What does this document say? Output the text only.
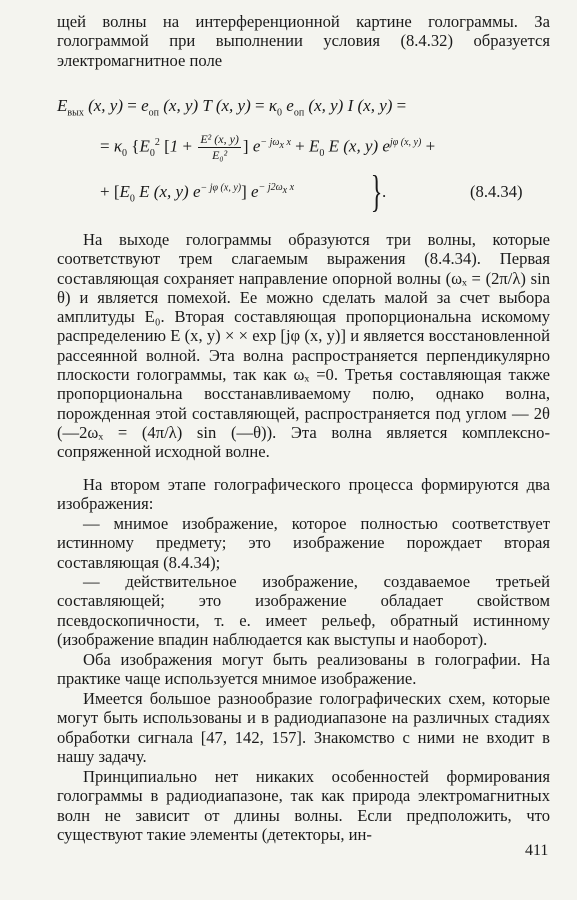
щей волны на интерференционной картине голограммы. За голограммой при выполнении условия (8.4.32) образуется электромагнитное поле

$E_{вых}$ (x, $y) = e_{оп}$ (x, y) T (x, $y) = \kappa_0$ $e_{оп}$ (x, y) I (x, y) =
= $\kappa_0$ {$E_0^2$ [$1 + \frac{\text{E² (x, y)}}{\text{E₀²}}$ ] $e^{- j\omega_x x} + E_0$ E (x, y) $e^{j\varphi (x, y)}$ +
+ [$E_0$ E (x, y) $e^{- j\varphi (x, y)}$] $e^{- j2\omega_x x}$ } .	(8.4.34)

На выходе голограммы образуются три волны, которые соответствуют трем слагаемым выражения (8.4.34). Первая составляющая сохраняет направление опорной волны (ωₓ = (2π/λ) sin θ) и является помехой. Ее можно сделать малой за счет выбора амплитуды E₀. Вторая составляющая пропорциональна искомому распределению E (x, y) × × exp [jφ (x, y)] и является восстановленной рассеянной волной. Эта волна распространяется перпендикулярно плоскости голограммы, так как ωₓ =0. Третья составляющая также пропорциональна восстанавливаемому полю, однако волна, порожденная этой составляющей, распространяется под углом — 2θ (—2ωₓ = (4π/λ) sin (—θ)). Эта волна является комплексно-сопряженной исходной волне.

На втором этапе голографического процесса формируются два изображения:

— мнимое изображение, которое полностью соответствует истинному предмету; это изображение порождает вторая составляющая (8.4.34);

— действительное изображение, создаваемое третьей составляющей; это изображение обладает свойством псевдоскопичности, т. е. имеет рельеф, обратный истинному (изображение впадин наблюдается как выступы и наоборот).

Оба изображения могут быть реализованы в голографии. На практике чаще используется мнимое изображение.

Имеется большое разнообразие голографических схем, которые могут быть использованы и в радиодиапазоне на различных стадиях обработки сигнала [47, 142, 157]. Знакомство с ними не входит в нашу задачу.

Принципиально нет никаких особенностей формирования голограммы в радиодиапазоне, так как природа электромагнитных волн не зависит от длины волны. Если предположить, что существуют такие элементы (детекторы, ин-

411
